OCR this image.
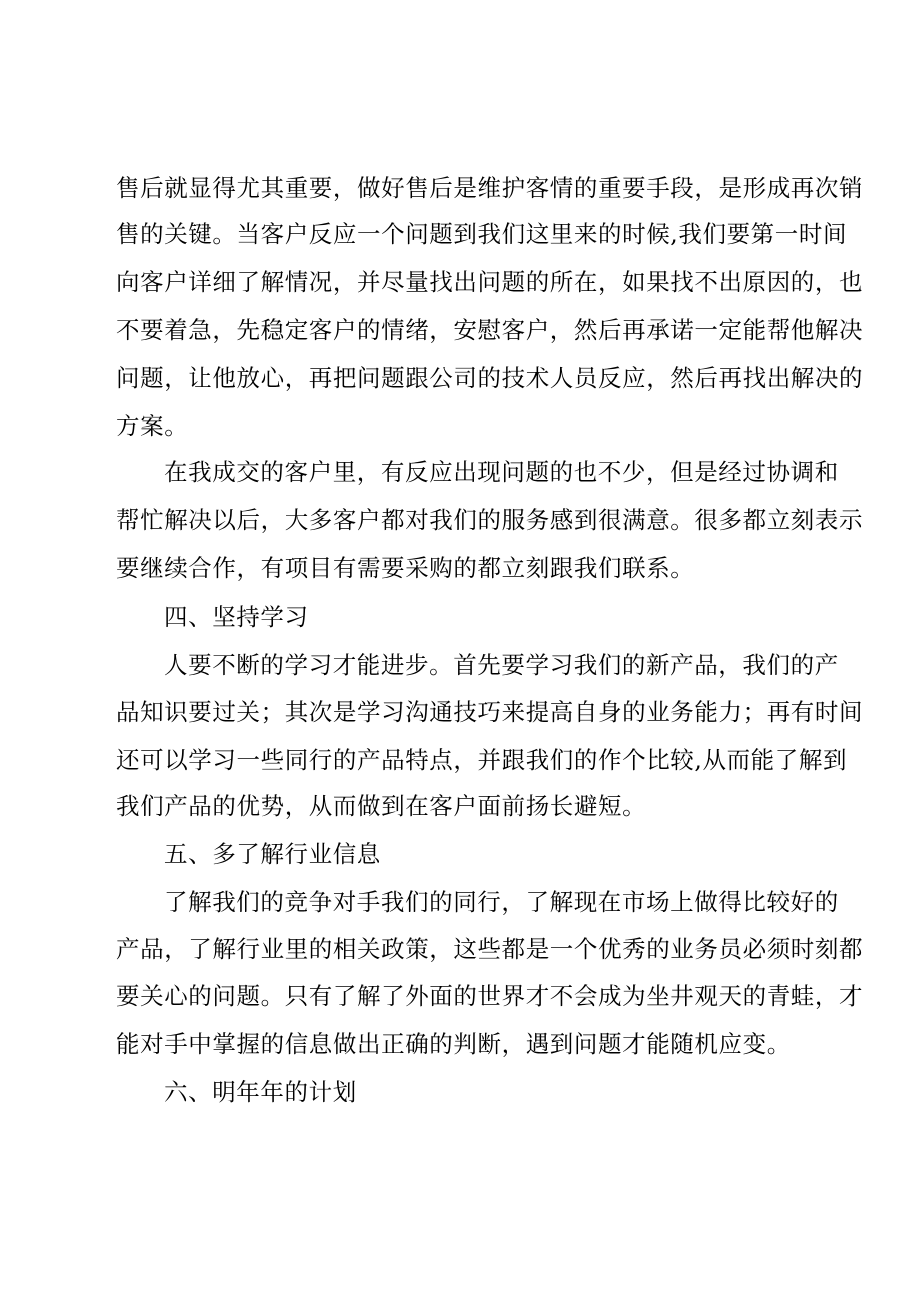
售后就显得尤其重要，做好售后是维护客情的重要手段，是形成再次销
售的关键。当客户反应一个问题到我们这里来的时候,我们要第一时间
向客户详细了解情况，并尽量找出问题的所在，如果找不出原因的，也
不要着急，先稳定客户的情绪，安慰客户，然后再承诺一定能帮他解决
问题，让他放心，再把问题跟公司的技术人员反应，然后再找出解决的
方案。
在我成交的客户里，有反应出现问题的也不少，但是经过协调和
帮忙解决以后，大多客户都对我们的服务感到很满意。很多都立刻表示
要继续合作，有项目有需要采购的都立刻跟我们联系。
四、坚持学习
人要不断的学习才能进步。首先要学习我们的新产品，我们的产
品知识要过关；其次是学习沟通技巧来提高自身的业务能力；再有时间
还可以学习一些同行的产品特点，并跟我们的作个比较,从而能了解到
我们产品的优势，从而做到在客户面前扬长避短。
五、多了解行业信息
了解我们的竞争对手我们的同行，了解现在市场上做得比较好的
产品，了解行业里的相关政策，这些都是一个优秀的业务员必须时刻都
要关心的问题。只有了解了外面的世界才不会成为坐井观天的青蛙，才
能对手中掌握的信息做出正确的判断，遇到问题才能随机应变。
六、明年年的计划
